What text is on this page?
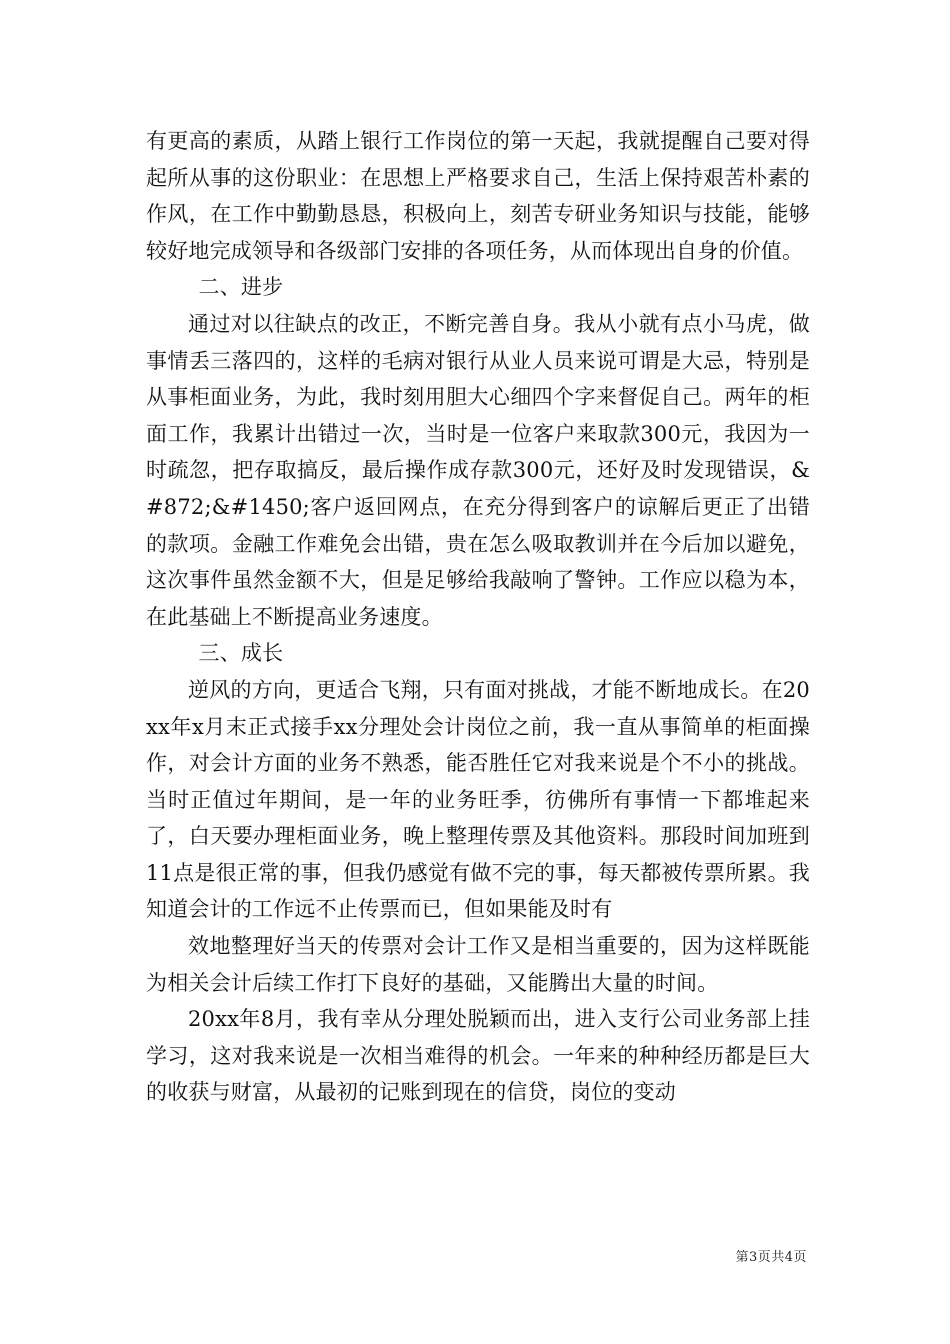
有更高的素质，从踏上银行工作岗位的第一天起，我就提醒自己要对得起所从事的这份职业：在思想上严格要求自己，生活上保持艰苦朴素的作风，在工作中勤勤恳恳，积极向上，刻苦专研业务知识与技能，能够较好地完成领导和各级部门安排的各项任务，从而体现出自身的价值。

二、进步

通过对以往缺点的改正，不断完善自身。我从小就有点小马虎，做事情丢三落四的，这样的毛病对银行从业人员来说可谓是大忌，特别是从事柜面业务，为此，我时刻用胆大心细四个字来督促自己。两年的柜面工作，我累计出错过一次，当时是一位客户来取款300元，我因为一时疏忽，把存取搞反，最后操作成存款300元，还好及时发现错误，&#872;&#1450;客户返回网点，在充分得到客户的谅解后更正了出错的款项。金融工作难免会出错，贵在怎么吸取教训并在今后加以避免，这次事件虽然金额不大，但是足够给我敲响了警钟。工作应以稳为本，在此基础上不断提高业务速度。

三、成长

逆风的方向，更适合飞翔，只有面对挑战，才能不断地成长。在20xx年x月末正式接手xx分理处会计岗位之前，我一直从事简单的柜面操作，对会计方面的业务不熟悉，能否胜任它对我来说是个不小的挑战。当时正值过年期间，是一年的业务旺季，彷佛所有事情一下都堆起来了，白天要办理柜面业务，晚上整理传票及其他资料。那段时间加班到11点是很正常的事，但我仍感觉有做不完的事，每天都被传票所累。我知道会计的工作远不止传票而已，但如果能及时有

效地整理好当天的传票对会计工作又是相当重要的，因为这样既能为相关会计后续工作打下良好的基础，又能腾出大量的时间。

20xx年8月，我有幸从分理处脱颖而出，进入支行公司业务部上挂学习，这对我来说是一次相当难得的机会。一年来的种种经历都是巨大的收获与财富，从最初的记账到现在的信贷，岗位的变动

第3页共4页
